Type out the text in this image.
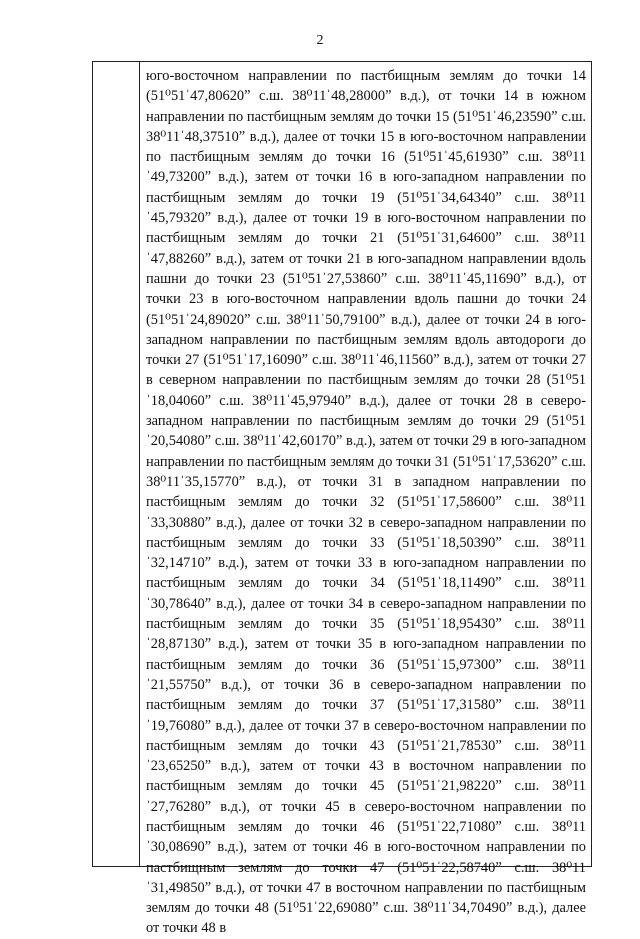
2

юго-восточном направлении по пастбищным землям до точки 14 (51⁰51ˈ47,80620ˮ с.ш. 38⁰11ˈ48,28000ˮ в.д.), от точки 14 в южном направлении по пастбищным землям до точки 15 (51⁰51ˈ46,23590ˮ с.ш. 38⁰11ˈ48,37510ˮ в.д.), далее от точки 15 в юго-восточном направлении по пастбищным землям до точки 16 (51⁰51ˈ45,61930ˮ с.ш. 38⁰11ˈ49,73200ˮ в.д.), затем от точки 16 в юго-западном направлении по пастбищным землям до точки 19 (51⁰51ˈ34,64340ˮ с.ш. 38⁰11ˈ45,79320ˮ в.д.), далее от точки 19 в юго-восточном направлении по пастбищным землям до точки 21 (51⁰51ˈ31,64600ˮ с.ш. 38⁰11ˈ47,88260ˮ в.д.), затем от точки 21 в юго-западном направлении вдоль пашни до точки 23 (51⁰51ˈ27,53860ˮ с.ш. 38⁰11ˈ45,11690ˮ в.д.), от точки 23 в юго-восточном направлении вдоль пашни до точки 24 (51⁰51ˈ24,89020ˮ с.ш. 38⁰11ˈ50,79100ˮ в.д.), далее от точки 24 в юго-западном направлении по пастбищным землям вдоль автодороги до точки 27 (51⁰51ˈ17,16090ˮ с.ш. 38⁰11ˈ46,11560ˮ в.д.), затем от точки 27 в северном направлении по пастбищным землям до точки 28 (51⁰51ˈ18,04060ˮ с.ш. 38⁰11ˈ45,97940ˮ в.д.), далее от точки 28 в северо-западном направлении по пастбищным землям до точки 29 (51⁰51ˈ20,54080ˮ с.ш. 38⁰11ˈ42,60170ˮ в.д.), затем от точки 29 в юго-западном направлении по пастбищным землям до точки 31 (51⁰51ˈ17,53620ˮ с.ш. 38⁰11ˈ35,15770ˮ в.д.), от точки 31 в западном направлении по пастбищным землям до точки 32 (51⁰51ˈ17,58600ˮ с.ш. 38⁰11ˈ33,30880ˮ в.д.), далее от точки 32 в северо-западном направлении по пастбищным землям до точки 33 (51⁰51ˈ18,50390ˮ с.ш. 38⁰11ˈ32,14710ˮ в.д.), затем от точки 33 в юго-западном направлении по пастбищным землям до точки 34 (51⁰51ˈ18,11490ˮ с.ш. 38⁰11ˈ30,78640ˮ в.д.), далее от точки 34 в северо-западном направлении по пастбищным землям до точки 35 (51⁰51ˈ18,95430ˮ с.ш. 38⁰11ˈ28,87130ˮ в.д.), затем от точки 35 в юго-западном направлении по пастбищным землям до точки 36 (51⁰51ˈ15,97300ˮ с.ш. 38⁰11ˈ21,55750ˮ в.д.), от точки 36 в северо-западном направлении по пастбищным землям до точки 37 (51⁰51ˈ17,31580ˮ с.ш. 38⁰11ˈ19,76080ˮ в.д.), далее от точки 37 в северо-восточном направлении по пастбищным землям до точки 43 (51⁰51ˈ21,78530ˮ с.ш. 38⁰11ˈ23,65250ˮ в.д.), затем от точки 43 в восточном направлении по пастбищным землям до точки 45 (51⁰51ˈ21,98220ˮ с.ш. 38⁰11ˈ27,76280ˮ в.д.), от точки 45 в северо-восточном направлении по пастбищным землям до точки 46 (51⁰51ˈ22,71080ˮ с.ш. 38⁰11ˈ30,08690ˮ в.д.), затем от точки 46 в юго-восточном направлении по пастбищным землям до точки 47 (51⁰51ˈ22,58740ˮ с.ш. 38⁰11ˈ31,49850ˮ в.д.), от точки 47 в восточном направлении по пастбищным землям до точки 48 (51⁰51ˈ22,69080ˮ с.ш. 38⁰11ˈ34,70490ˮ в.д.), далее от точки 48 в
